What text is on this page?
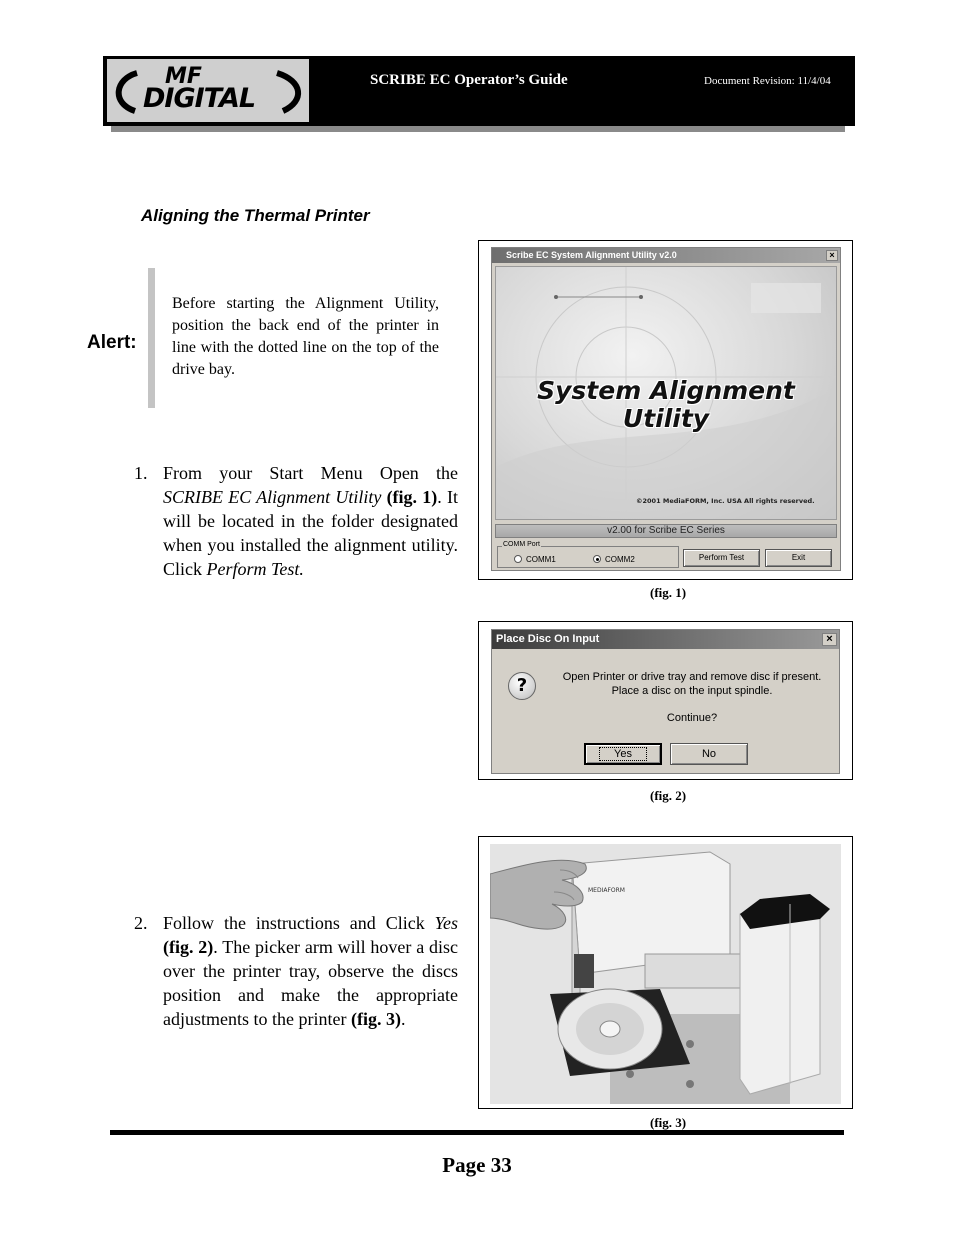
MF
DIGITAL
SCRIBE EC Operator’s Guide	Document Revision: 11/4/04
Aligning the Thermal Printer
Alert:
Before starting the Alignment Utility, position the back end of the printer in line with the dotted line on the top of the drive bay.
1. From your Start Menu Open the SCRIBE EC Alignment Utility (fig. 1). It will be located in the folder designated when you installed the alignment utility. Click Perform Test.
2. Follow the instructions and Click Yes (fig. 2). The picker arm will hover a disc over the printer tray, observe the discs position and make the appropriate adjustments to the printer (fig. 3).
Scribe EC System Alignment Utility v2.0	×
System Alignment
Utility
©2001 MediaFORM, Inc. USA All rights reserved.
v2.00 for Scribe EC Series
COMM Port
COMM1	COMM2	Perform Test	Exit
(fig. 1)
Place Disc On Input	×
?	Open Printer or drive tray and remove disc if present.
Place a disc on the input spindle.
Continue?
Yes	No
(fig. 2)
MEDIAFORM
(fig. 3)
Page 33
